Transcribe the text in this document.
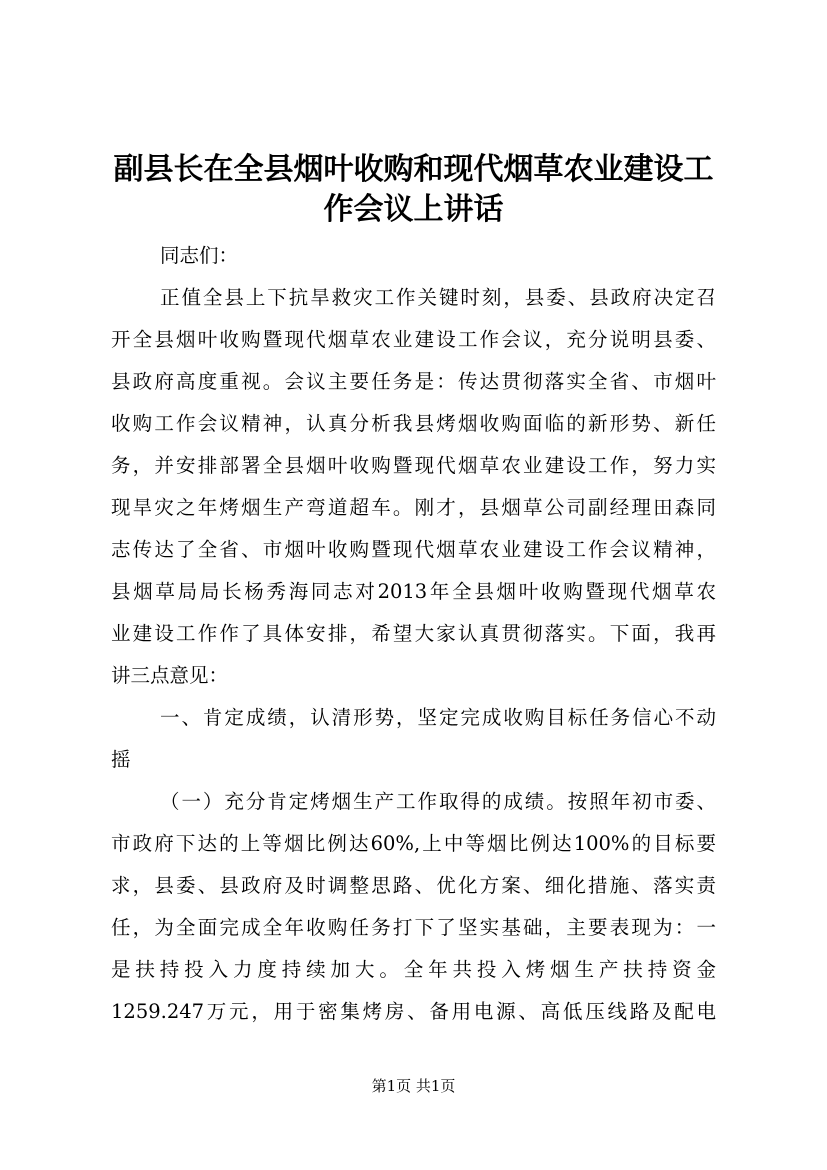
副县长在全县烟叶收购和现代烟草农业建设工
作会议上讲话
同志们：
正值全县上下抗旱救灾工作关键时刻，县委、县政府决定召
开全县烟叶收购暨现代烟草农业建设工作会议，充分说明县委、
县政府高度重视。会议主要任务是：传达贯彻落实全省、市烟叶
收购工作会议精神，认真分析我县烤烟收购面临的新形势、新任
务，并安排部署全县烟叶收购暨现代烟草农业建设工作，努力实
现旱灾之年烤烟生产弯道超车。刚才，县烟草公司副经理田森同
志传达了全省、市烟叶收购暨现代烟草农业建设工作会议精神，
县烟草局局长杨秀海同志对2013年全县烟叶收购暨现代烟草农
业建设工作作了具体安排，希望大家认真贯彻落实。下面，我再
讲三点意见：
一、肯定成绩，认清形势，坚定完成收购目标任务信心不动
摇
（一）充分肯定烤烟生产工作取得的成绩。按照年初市委、
市政府下达的上等烟比例达60%,上中等烟比例达100%的目标要
求，县委、县政府及时调整思路、优化方案、细化措施、落实责
任，为全面完成全年收购任务打下了坚实基础，主要表现为：一
是扶持投入力度持续加大。全年共投入烤烟生产扶持资金
1259.247万元，用于密集烤房、备用电源、高低压线路及配电
第1页 共1页
